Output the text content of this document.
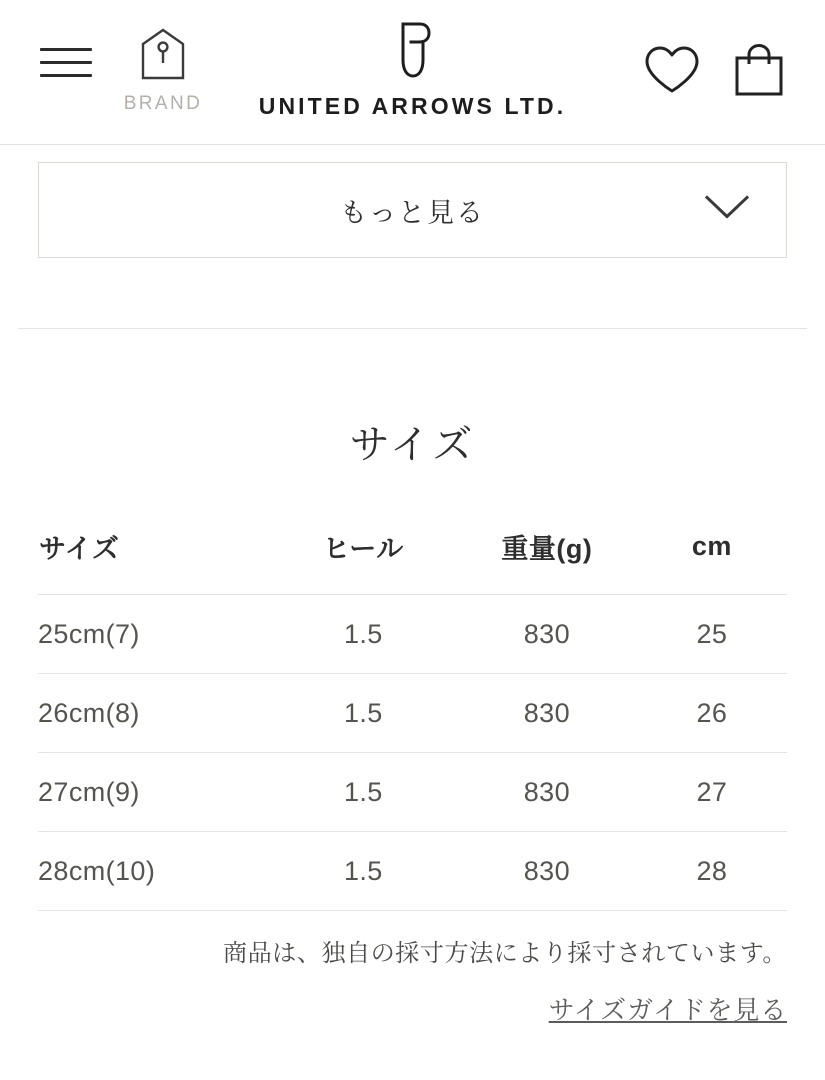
BRAND	UNITED ARROWS LTD.
もっと見る
サイズ
サイズ	ヒール	重量(g)	cm
25cm(7)	1.5	830	25
26cm(8)	1.5	830	26
27cm(9)	1.5	830	27
28cm(10)	1.5	830	28
商品は、独自の採寸方法により採寸されています。
サイズガイドを見る
